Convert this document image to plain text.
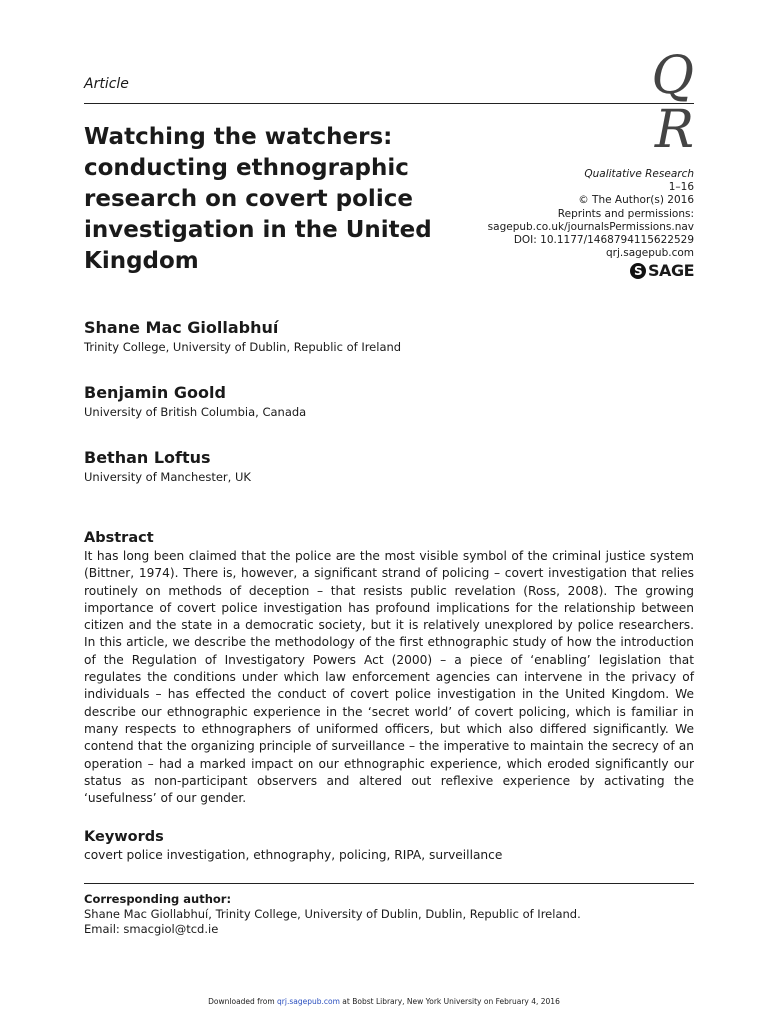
Article	Q
R
Watching the watchers: conducting ethnographic research on covert police investigation in the United Kingdom
Qualitative Research
1–16
© The Author(s) 2016
Reprints and permissions:
sagepub.co.uk/journalsPermissions.nav
DOI: 10.1177/1468794115622529
qrj.sagepub.com
S SAGE
Shane Mac Giollabhuí
Trinity College, University of Dublin, Republic of Ireland
Benjamin Goold
University of British Columbia, Canada
Bethan Loftus
University of Manchester, UK
Abstract
It has long been claimed that the police are the most visible symbol of the criminal justice system (Bittner, 1974). There is, however, a significant strand of policing – covert investigation that relies routinely on methods of deception – that resists public revelation (Ross, 2008). The growing importance of covert police investigation has profound implications for the relationship between citizen and the state in a democratic society, but it is relatively unexplored by police researchers. In this article, we describe the methodology of the first ethnographic study of how the introduction of the Regulation of Investigatory Powers Act (2000) – a piece of ‘enabling’ legislation that regulates the conditions under which law enforcement agencies can intervene in the privacy of individuals – has effected the conduct of covert police investigation in the United Kingdom. We describe our ethnographic experience in the ‘secret world’ of covert policing, which is familiar in many respects to ethnographers of uniformed officers, but which also differed significantly. We contend that the organizing principle of surveillance – the imperative to maintain the secrecy of an operation – had a marked impact on our ethnographic experience, which eroded significantly our status as non-participant observers and altered out reflexive experience by activating the ‘usefulness’ of our gender.
Keywords
covert police investigation, ethnography, policing, RIPA, surveillance
Corresponding author:
Shane Mac Giollabhuí, Trinity College, University of Dublin, Dublin, Republic of Ireland.
Email: smacgiol@tcd.ie
Downloaded from qrj.sagepub.com at Bobst Library, New York University on February 4, 2016
